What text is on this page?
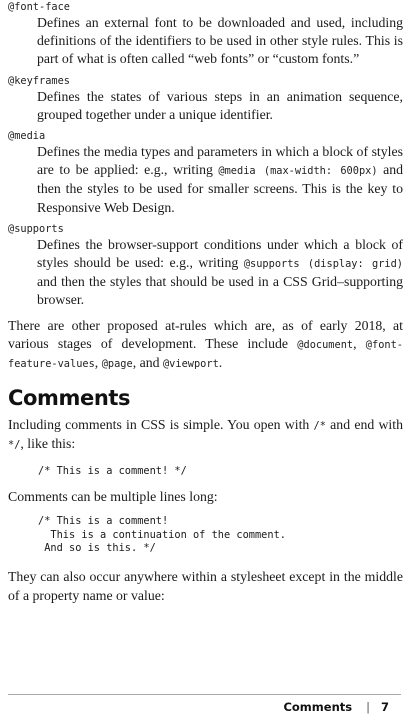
@font-face

Defines an external font to be downloaded and used, including definitions of the identifiers to be used in other style rules. This is part of what is often called “web fonts” or “custom fonts.”

@keyframes

Defines the states of various steps in an animation sequence, grouped together under a unique identifier.

@media

Defines the media types and parameters in which a block of styles are to be applied: e.g., writing @media (max-width: 600px) and then the styles to be used for smaller screens. This is the key to Responsive Web Design.

@supports

Defines the browser-support conditions under which a block of styles should be used: e.g., writing @supports (display: grid) and then the styles that should be used in a CSS Grid–supporting browser.

There are other proposed at-rules which are, as of early 2018, at various stages of development. These include @document, @font-feature-values, @page, and @viewport.

Comments

Including comments in CSS is simple. You open with /* and end with */, like this:

/* This is a comment! */

Comments can be multiple lines long:

/* This is a comment!
This is a continuation of the comment.
And so is this. */

They can also occur anywhere within a stylesheet except in the middle of a property name or value:

Comments | 7
